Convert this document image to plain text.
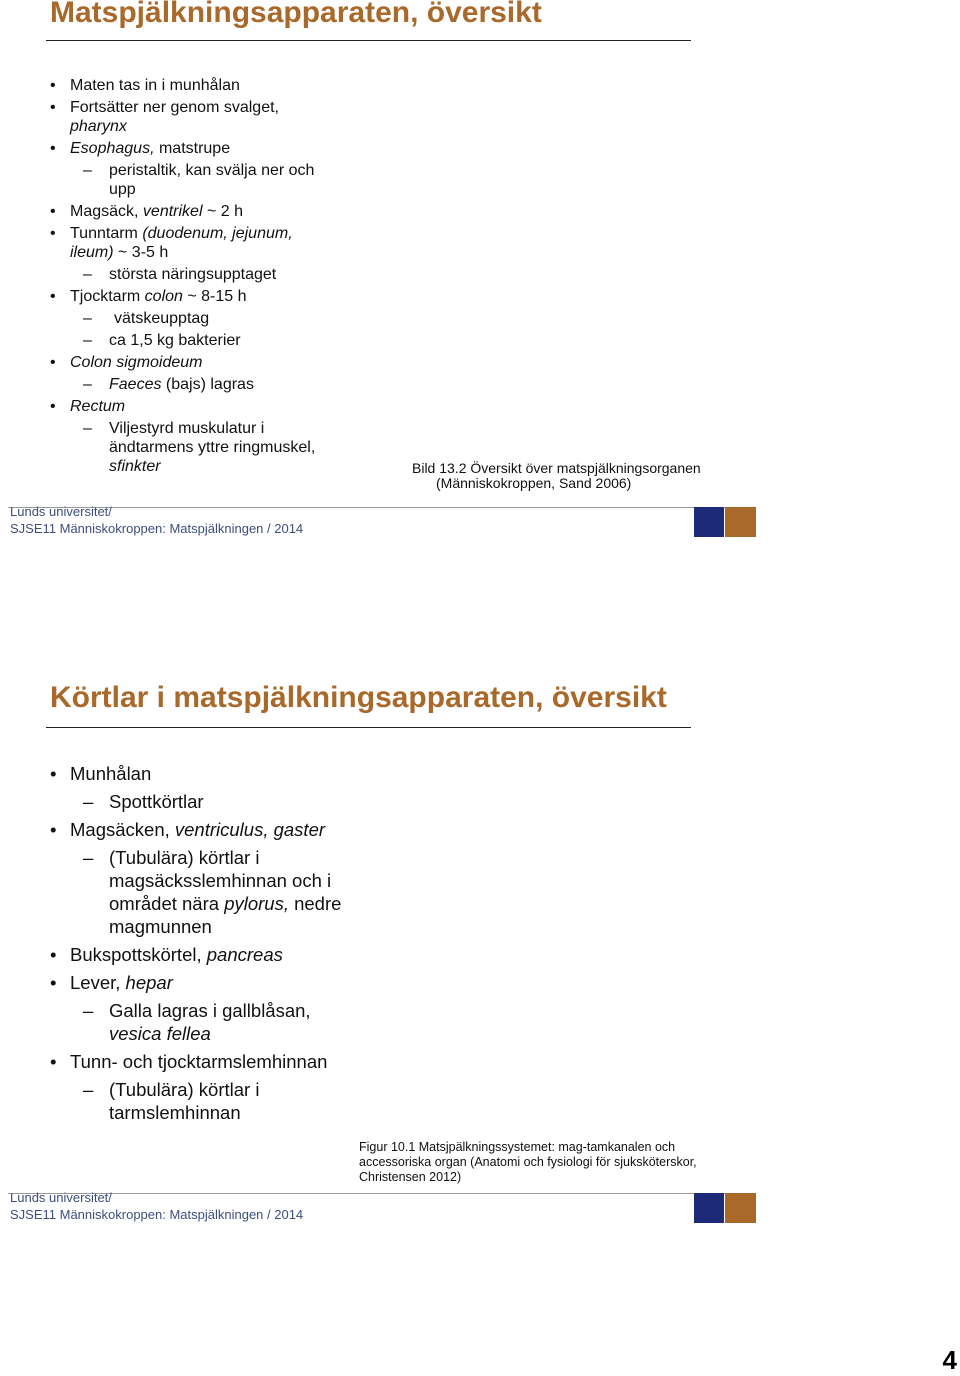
Matspjälkningsapparaten, översikt
• Maten tas in i munhålan
• Fortsätter ner genom svalget,
pharynx
• Esophagus, matstrupe
– peristaltik, kan svälja ner och
upp
• Magsäck, ventrikel ~ 2 h
• Tunntarm (duodenum, jejunum,
ileum) ~ 3-5 h
– största näringsupptaget
• Tjocktarm colon ~ 8-15 h
– vätskeupptag
– ca 1,5 kg bakterier
• Colon sigmoideum
– Faeces (bajs) lagras
• Rectum
– Viljestyrd muskulatur i
ändtarmens yttre ringmuskel,
sfinkter	Bild 13.2 Översikt över matspjälkningsorganen
(Människokroppen, Sand 2006)
Lunds universitet/
SJSE11 Människokroppen: Matspjälkningen / 2014
Körtlar i matspjälkningsapparaten, översikt
• Munhålan
– Spottkörtlar
• Magsäcken, ventriculus, gaster
– (Tubulära) körtlar i
magsäcksslemhinnan och i
området nära pylorus, nedre
magmunnen
• Bukspottskörtel, pancreas
• Lever, hepar
– Galla lagras i gallblåsan,
vesica fellea
• Tunn- och tjocktarmslemhinnan
– (Tubulära) körtlar i
tarmslemhinnan
Figur 10.1 Matsjpälkningssystemet: mag-tamkanalen och
accessoriska organ (Anatomi och fysiologi för sjuksköterskor,
Christensen 2012)
Lunds universitet/
SJSE11 Människokroppen: Matspjälkningen / 2014
4
